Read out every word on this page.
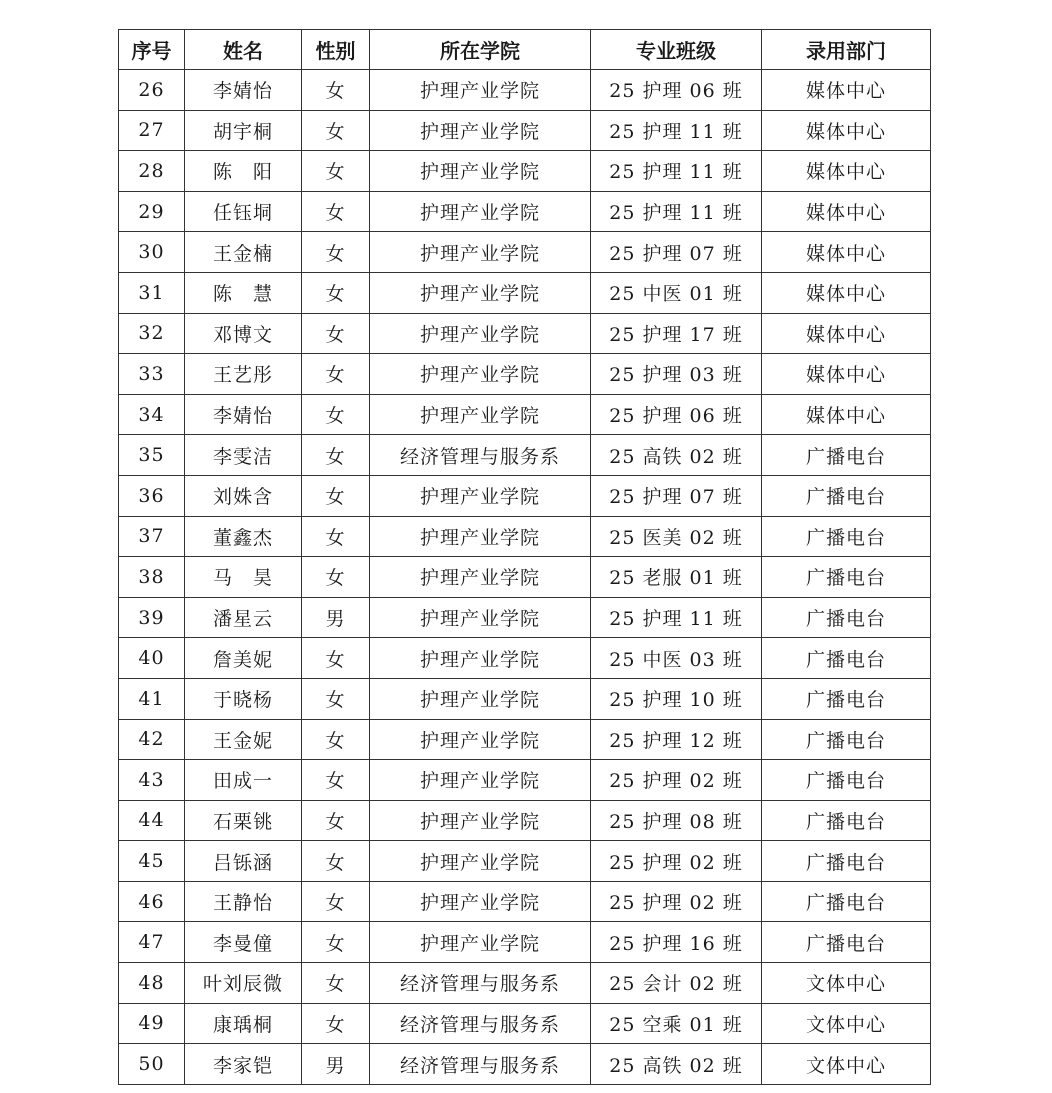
序号	姓名	性别	所在学院	专业班级	录用部门
26	李婧怡	女	护理产业学院	25 护理 06 班	媒体中心
27	胡宇桐	女	护理产业学院	25 护理 11 班	媒体中心
28	陈　阳	女	护理产业学院	25 护理 11 班	媒体中心
29	任钰垌	女	护理产业学院	25 护理 11 班	媒体中心
30	王金楠	女	护理产业学院	25 护理 07 班	媒体中心
31	陈　慧	女	护理产业学院	25 中医 01 班	媒体中心
32	邓博文	女	护理产业学院	25 护理 17 班	媒体中心
33	王艺彤	女	护理产业学院	25 护理 03 班	媒体中心
34	李婧怡	女	护理产业学院	25 护理 06 班	媒体中心
35	李雯洁	女	经济管理与服务系	25 高铁 02 班	广播电台
36	刘姝含	女	护理产业学院	25 护理 07 班	广播电台
37	董鑫杰	女	护理产业学院	25 医美 02 班	广播电台
38	马　昊	女	护理产业学院	25 老服 01 班	广播电台
39	潘星云	男	护理产业学院	25 护理 11 班	广播电台
40	詹美妮	女	护理产业学院	25 中医 03 班	广播电台
41	于晓杨	女	护理产业学院	25 护理 10 班	广播电台
42	王金妮	女	护理产业学院	25 护理 12 班	广播电台
43	田成一	女	护理产业学院	25 护理 02 班	广播电台
44	石栗铫	女	护理产业学院	25 护理 08 班	广播电台
45	吕铄涵	女	护理产业学院	25 护理 02 班	广播电台
46	王静怡	女	护理产业学院	25 护理 02 班	广播电台
47	李曼僮	女	护理产业学院	25 护理 16 班	广播电台
48	叶刘辰微	女	经济管理与服务系	25 会计 02 班	文体中心
49	康瑀桐	女	经济管理与服务系	25 空乘 01 班	文体中心
50	李家铠	男	经济管理与服务系	25 高铁 02 班	文体中心
